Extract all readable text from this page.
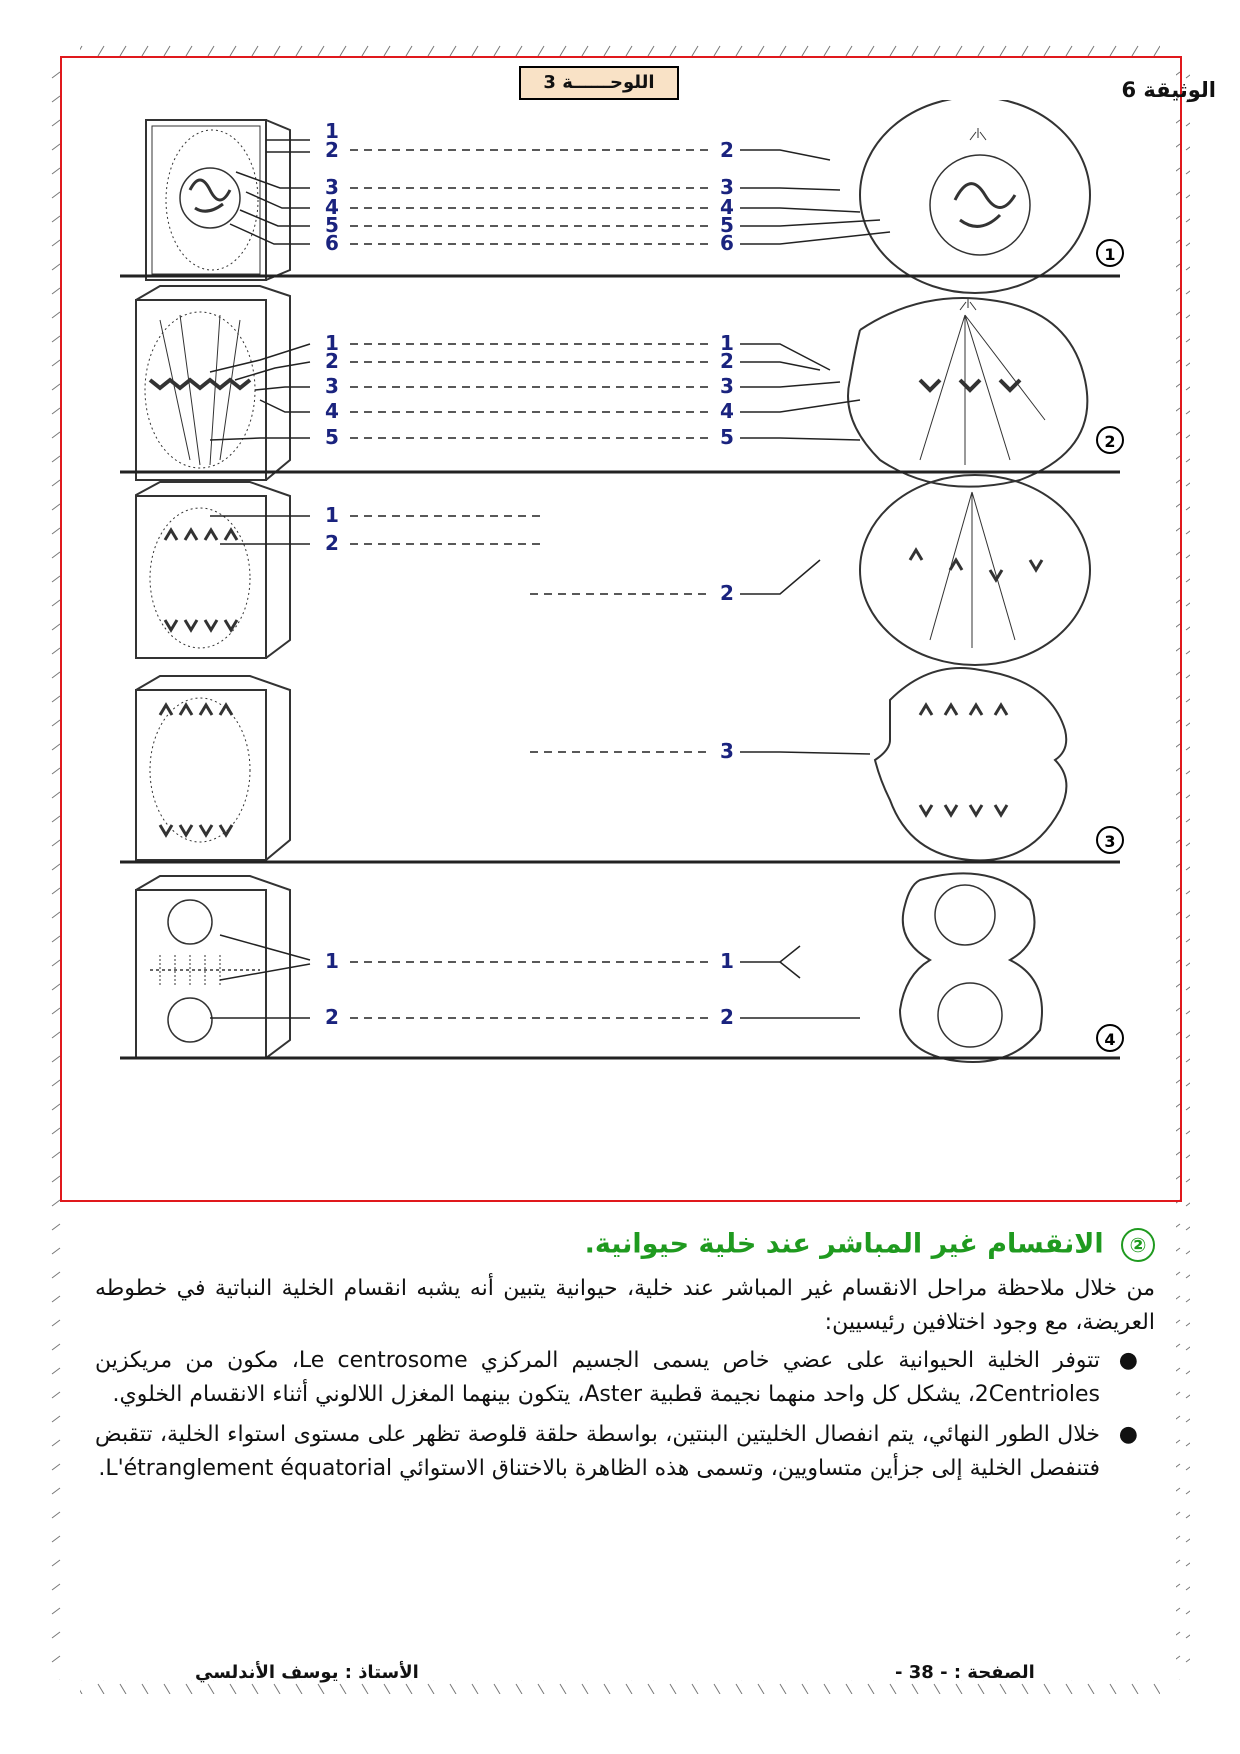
الوثيقة 6
اللوحــــــة 3
1
2
3
4
5
6
2
3
4
5
6	1
1
2
3
4
5
1
2
3
4
5	2
1
2
2
3
3
1
2
1
2
4
② الانقسام غير المباشر عند خلية حيوانية.

من خلال ملاحظة مراحل الانقسام غير المباشر عند خلية، حيوانية يتبين أنه يشبه انقسام الخلية النباتية في خطوطه العريضة، مع وجود اختلافين رئيسيين:

●
تتوفر الخلية الحيوانية على عضي خاص يسمى الجسيم المركزي Le centrosome، مكون من مريكزين 2Centrioles، يشكل كل واحد منهما نجيمة قطبية Aster، يتكون بينهما المغزل اللالوني أثناء الانقسام الخلوي.
●
خلال الطور النهائي، يتم انفصال الخليتين البنتين، بواسطة حلقة قلوصة تظهر على مستوى استواء الخلية، تتقبض فتنفصل الخلية إلى جزأين متساويين، وتسمى هذه الظاهرة بالاختناق الاستوائي L'étranglement équatorial.
الأستاذ : يوسف الأندلسي	الصفحة : - 38 -
